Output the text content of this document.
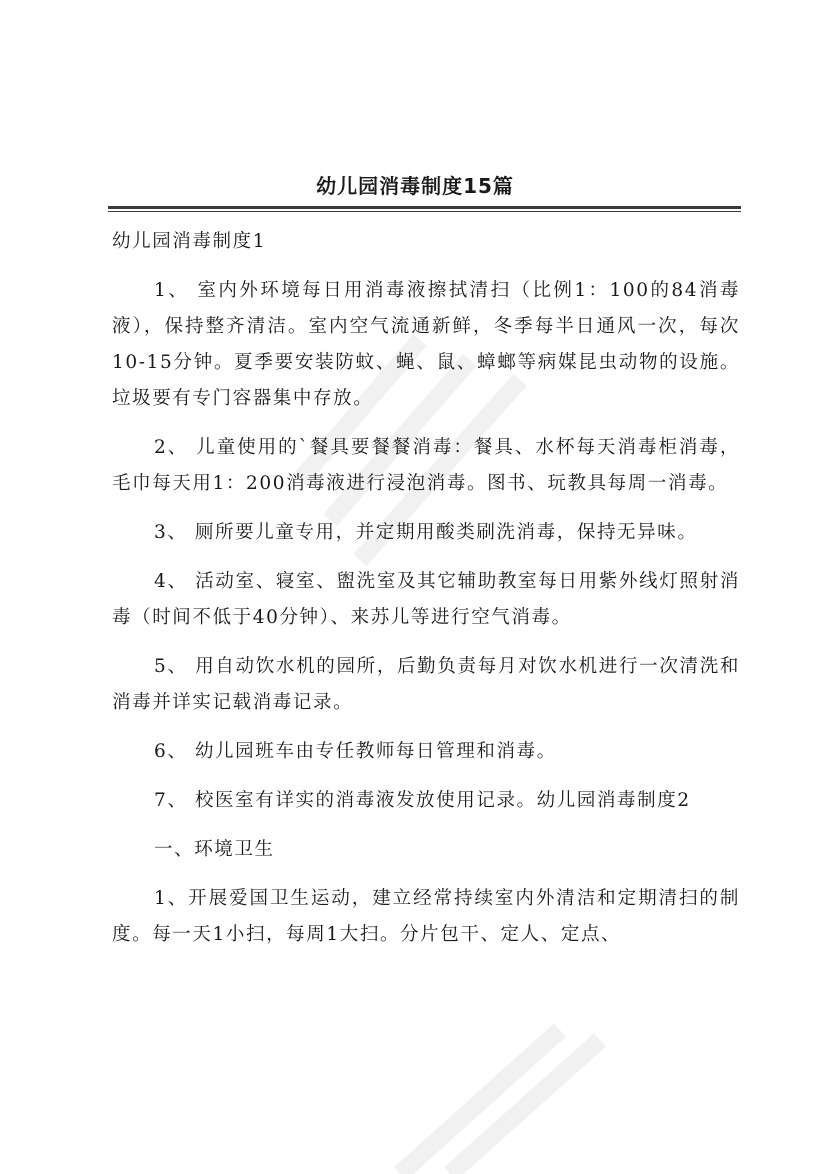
幼儿园消毒制度15篇

幼儿园消毒制度1

1、 室内外环境每日用消毒液擦拭清扫（比例1：100的84消毒液），保持整齐清洁。室内空气流通新鲜，冬季每半日通风一次，每次10-15分钟。夏季要安装防蚊、蝇、鼠、蟑螂等病媒昆虫动物的设施。垃圾要有专门容器集中存放。

2、 儿童使用的`餐具要餐餐消毒：餐具、水杯每天消毒柜消毒，毛巾每天用1：200消毒液进行浸泡消毒。图书、玩教具每周一消毒。

3、 厕所要儿童专用，并定期用酸类刷洗消毒，保持无异味。

4、 活动室、寝室、盥洗室及其它辅助教室每日用紫外线灯照射消毒（时间不低于40分钟）、来苏儿等进行空气消毒。

5、 用自动饮水机的园所，后勤负责每月对饮水机进行一次清洗和消毒并详实记载消毒记录。

6、 幼儿园班车由专任教师每日管理和消毒。

7、 校医室有详实的消毒液发放使用记录。幼儿园消毒制度2

一、环境卫生

1、开展爱国卫生运动，建立经常持续室内外清洁和定期清扫的制度。每一天1小扫，每周1大扫。分片包干、定人、定点、
